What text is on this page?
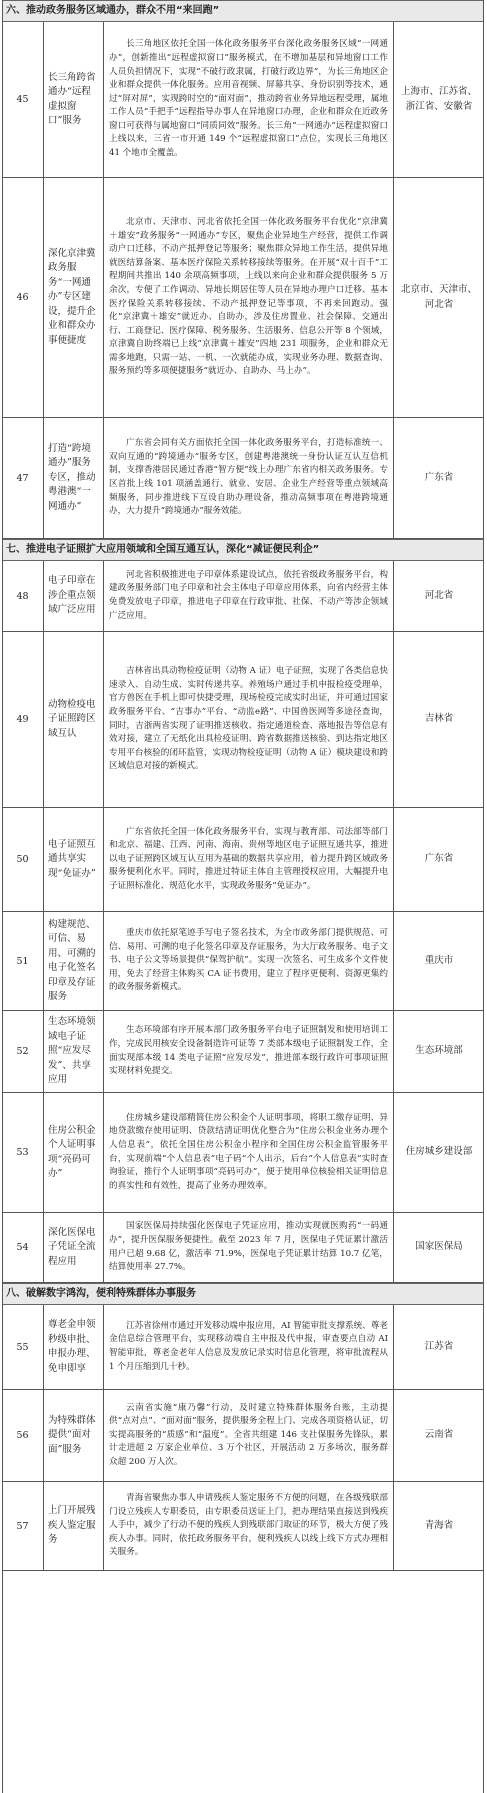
六、推动政务服务区域通办，群众不用“来回跑”
45
长三角跨省通办“远程虚拟窗口”服务
长三角地区依托全国一体化政务服务平台深化政务服务区域“一网通办”，创新推出“远程虚拟窗口”服务模式，在不增加基层和异地窗口工作人员负担情况下，实现“不破行政隶属，打破行政边界”，为长三角地区企业和群众提供一体化服务。应用音视频、屏幕共享、身份识别等技术，通过“屏对屏”，实现跨时空的“面对面”，推动跨省业务异地远程受理，属地工作人员“手把手”远程指导办事人在异地窗口办理，企业和群众在近政务窗口可获得与属地窗口“同质同效”服务。长三角“一网通办”远程虚拟窗口上线以来，三省一市开通 149 个“远程虚拟窗口”点位，实现长三角地区 41 个地市全覆盖。
上海市、江苏省、浙江省、安徽省
46
深化京津冀政务服务“一网通办”专区建设，提升企业和群众办事便捷度
北京市、天津市、河北省依托全国一体化政务服务平台优化“京津冀＋雄安”政务服务“一网通办”专区，聚焦企业异地生产经营，提供工作调动户口迁移、不动产抵押登记等服务；聚焦群众异地工作生活，提供异地就医结算备案、基本医疗保险关系转移接续等服务。在开展“双十百千”工程期间共推出 140 余项高频事项，上线以来向企业和群众提供服务 5 万余次，专便了工作调动、异地长期居住等人员在异地办理户口迁移、基本医疗保险关系转移接续、不动产抵押登记等事项，不再来回跑动。强化“京津冀＋雄安”就近办、自助办，涉及住房置业、社会保障、交通出行、工商登记、医疗保障、税务服务、生活服务、信息公开等 8 个领域，京津冀自助终端已上线“京津冀＋雄安”四地 231 项服务，企业和群众无需多地跑，只需一站、一机、一次就能办成，实现业务办理、数据查询、服务预约等多项便捷服务“就近办、自助办、马上办”。
北京市、天津市、河北省
47
打造“跨境通办”服务专区，推动粤港澳“一网通办”
广东省会同有关方面依托全国一体化政务服务平台，打造标准统一、双向互通的“跨境通办”服务专区，创建粤港澳统一身份认证互认互信机制，支撑香港居民通过香港“智方便”线上办理广东省内相关政务服务。专区首批上线 101 项涵盖通行、就业、安居、企业生产经营等重点领域高频服务，同步推进线下互设自助办理设备，推动高频事项在粤港跨境通办，大力提升“跨境通办”服务效能。
广东省
七、推进电子证照扩大应用领域和全国互通互认，深化“减证便民利企”
48
电子印章在涉企重点领域广泛应用
河北省积极推进电子印章体系建设试点，依托省级政务服务平台，构建政务服务部门电子印章和社会主体电子印章应用体系，向省内经营主体免费发放电子印章，推进电子印章在行政审批、社保、不动产等涉企领域广泛应用。
河北省
49
动物检疫电子证照跨区域互认
吉林省出具动物检疫证明（动物 A 证）电子证照，实现了各类信息快速录入、自动生成、实时传递共享。养殖场户通过手机申报检疫受理单，官方兽医在手机上即可快捷受理，现场检疫完成实时出证，并可通过国家政务服务平台、“吉事办”平台、“动监e路”、中国兽医网等多途径查询，同时，吉浙两省实现了证明推送核收、指定通道检查、落地报告等信息有效对接，建立了无纸化出具检疫证明、跨省数据推送核验、到达指定地区专用平台核验的闭环监管，实现动物检疫证明（动物 A 证）模块建设和跨区域信息对接的新模式。
吉林省
50
电子证照互通共享实现“免证办”
广东省依托全国一体化政务服务平台，实现与教育部、司法部等部门和北京、福建、江西、河南、海南、贵州等地区电子证照互通共享，推进以电子证照跨区域互认互用为基础的数据共享应用，着力提升跨区域政务服务便利化水平。同时，推进过特证主体自主管理授权应用，大幅提升电子证照标准化、规范化水平，实现政务服务“免证办”。
广东省
51
构建规范、可信、易用、可溯的电子化签名印章及存证服务
重庆市依托原笔迹手写电子签名技术，为全市政务部门提供规范、可信、易用、可溯的电子化签名印章及存证服务，为大厅政务服务、电子文书、电子公文等场景提供“保驾护航”。实现一次签名、可生成多个文件使用，免去了经营主体购买 CA 证书费用，建立了程序更便利、资源更集约的政务服务新模式。
重庆市
52
生态环境领域电子证照“应发尽发”、共享应用
生态环境部有序开展本部门政务服务平台电子证照制发和使用培训工作，完成民用核安全设备制造许可证等 7 类部本级电子证照制发工作，全面实现部本级 14 类电子证照“应发尽发”，推进部本级行政许可事项证照实现材料免提交。
生态环境部
53
住房公积金个人证明事项“亮码可办”
住房城乡建设部精简住房公积金个人证明事项，将职工缴存证明、异地贷款缴存使用证明、贷款结清证明优化整合为“住房公积金业务办理个人信息表”，依托全国住房公积金小程序和全国住房公积金监管服务平台，实现前端“个人信息表”电子码“个人出示，后台“个人信息表”实时查询验证，推行个人证明事项“亮码可办”，便于使用单位核验相关证明信息的真实性和有效性，提高了业务办理效率。
住房城乡建设部
54
深化医保电子凭证全流程应用
国家医保局持续强化医保电子凭证应用，推动实现就医购药“一码通办”，提升医保服务便捷性。截至 2023 年 7 月，医保电子凭证累计激活用户已超 9.68 亿，激活率 71.9%，医保电子凭证累计结算 10.7 亿笔，结算使用率 27.7%。
国家医保局
八、破解数字鸿沟，便利特殊群体办事服务
55
尊老金申领秒级申批、申报办理、免申即享
江苏省徐州市通过开发移动端申报应用，AI 智能审批支撑系统、尊老金信息综合管理平台，实现移动端自主申报及代申报，审查要点自动 AI 智能审批，尊老金老年人信息及发放记录实时信息化管理，将审批流程从 1 个月压缩到几十秒。
江苏省
56
为特殊群体提供“面对面”服务
云南省实施“康乃馨”行动，及时建立特殊群体服务台账，主动提供“点对点”、“面对面”服务，提供服务全程上门、完成各项资格认证，切实提高服务的“质感”和“温度”。全省共组建 146 支社保服务先锋队，累计走进超 2 万家企业单位、3 万个社区，开展活动 2 万多场次，服务群众超 200 万人次。
云南省
57
上门开展残疾人鉴定服务
青海省聚焦办事人申请残疾人鉴定服务不方便的问题，在各级残联部门设立残疾人专职委员，由专职委员送证上门，把办理结果直接送到残疾人手中，减少了行动不便的残疾人到残联部门取证的环节，极大方便了残疾人办事。同时，依托政务服务平台，便利残疾人以线上线下方式办理相关服务。
青海省
